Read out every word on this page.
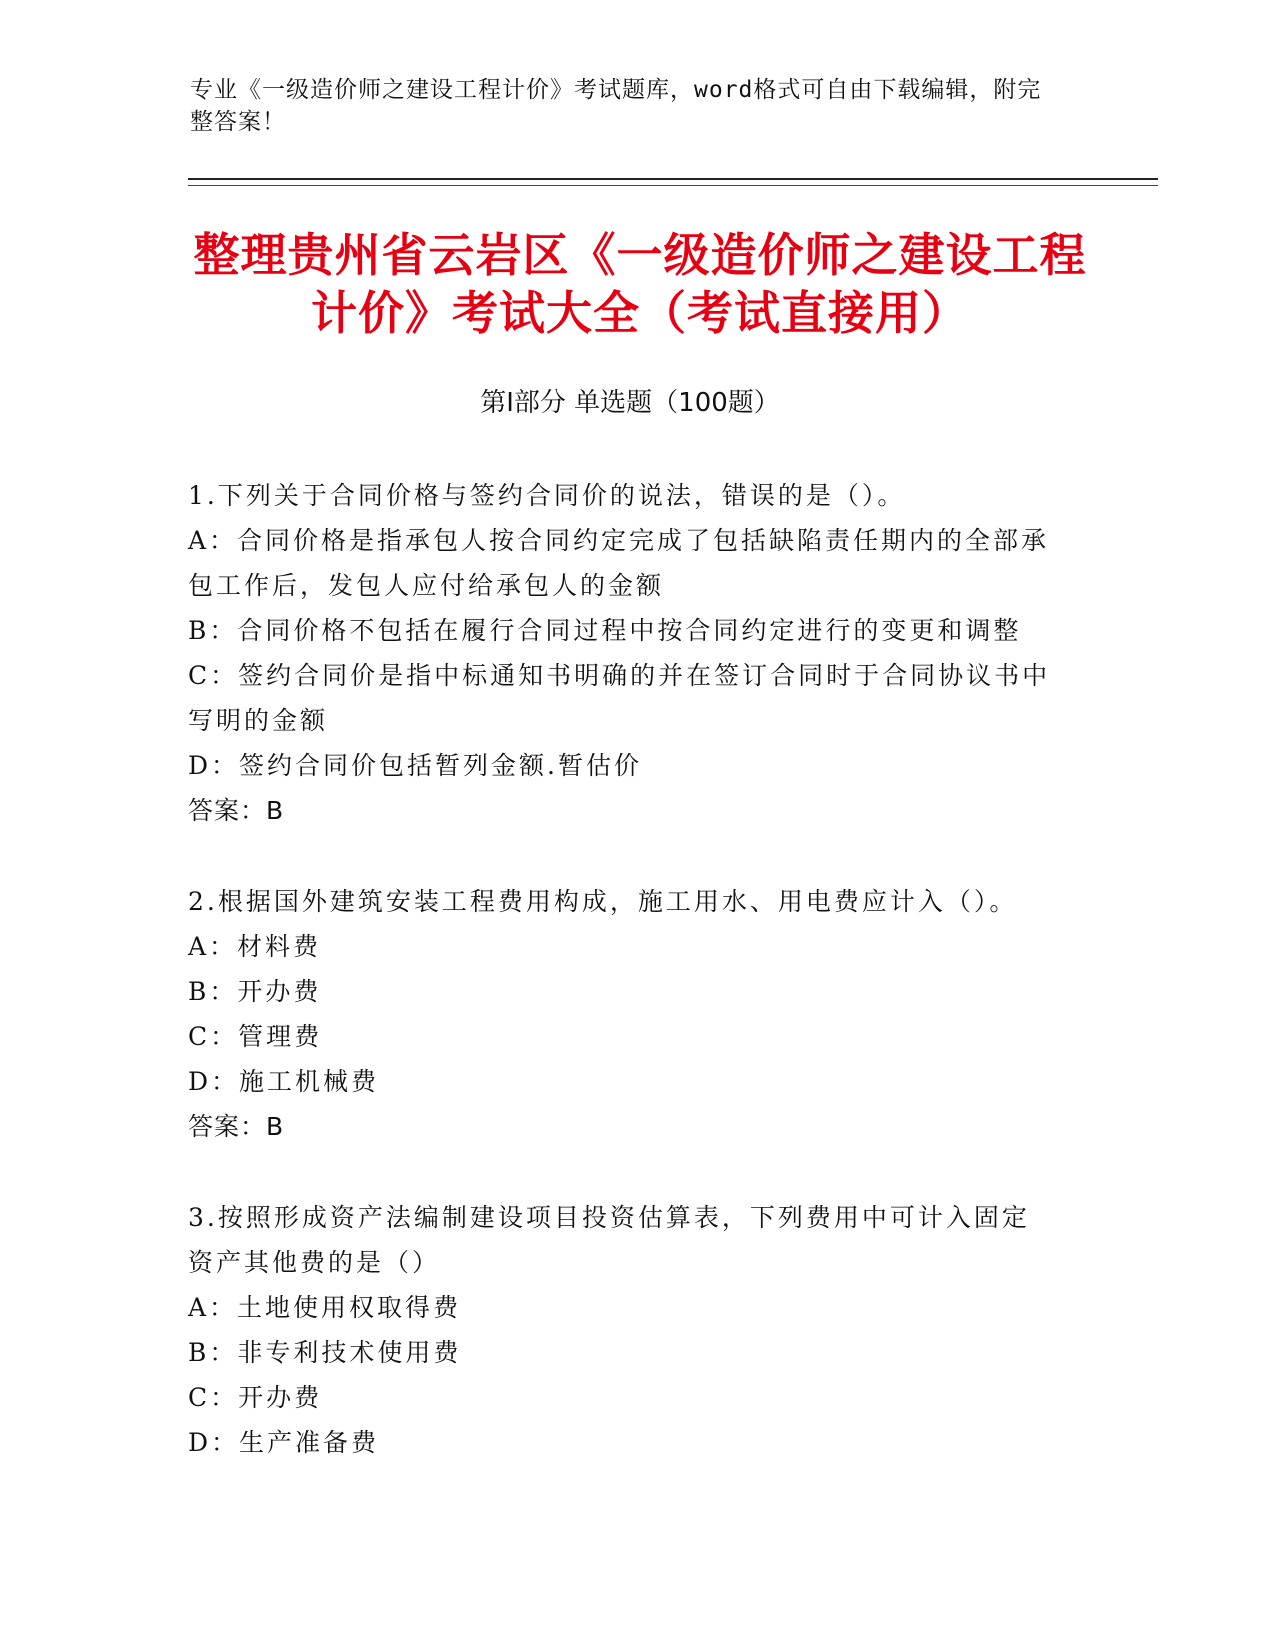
专业《一级造价师之建设工程计价》考试题库，word格式可自由下载编辑，附完
整答案！
整理贵州省云岩区《一级造价师之建设工程
计价》考试大全（考试直接用）
第Ⅰ部分 单选题（100题）

1.下列关于合同价格与签约合同价的说法，错误的是（）。

A：合同价格是指承包人按合同约定完成了包括缺陷责任期内的全部承

包工作后，发包人应付给承包人的金额

B：合同价格不包括在履行合同过程中按合同约定进行的变更和调整

C：签约合同价是指中标通知书明确的并在签订合同时于合同协议书中

写明的金额

D：签约合同价包括暂列金额.暂估价

答案：B

2.根据国外建筑安装工程费用构成，施工用水、用电费应计入（）。

A：材料费

B：开办费

C：管理费

D：施工机械费

答案：B

3.按照形成资产法编制建设项目投资估算表，下列费用中可计入固定

资产其他费的是（）

A：土地使用权取得费

B：非专利技术使用费

C：开办费

D：生产准备费
